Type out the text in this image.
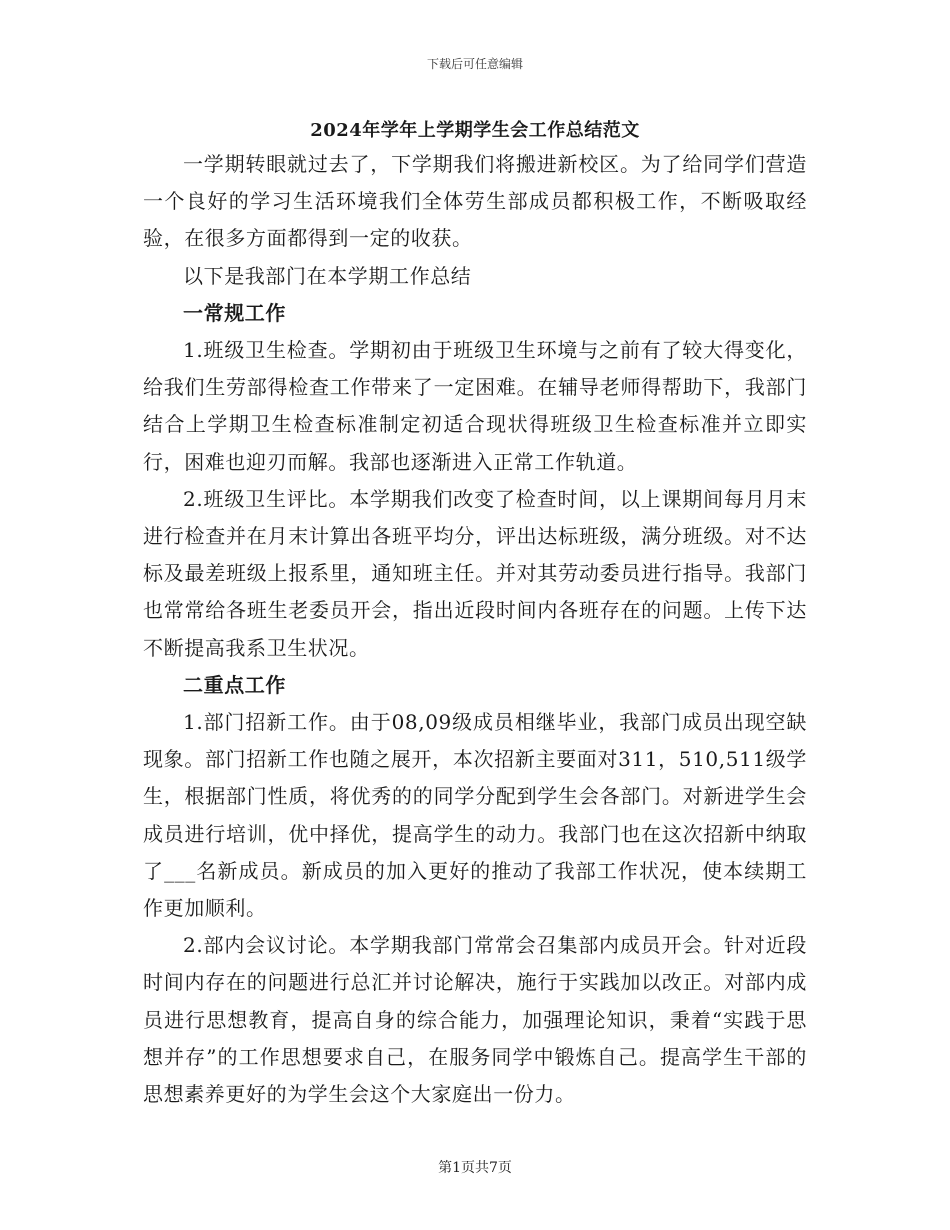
下载后可任意编辑
2024年学年上学期学生会工作总结范文

一学期转眼就过去了，下学期我们将搬进新校区。为了给同学们营造一个良好的学习生活环境我们全体劳生部成员都积极工作，不断吸取经验，在很多方面都得到一定的收获。

以下是我部门在本学期工作总结

一常规工作

1.班级卫生检查。学期初由于班级卫生环境与之前有了较大得变化，给我们生劳部得检查工作带来了一定困难。在辅导老师得帮助下，我部门结合上学期卫生检查标准制定初适合现状得班级卫生检查标准并立即实行，困难也迎刃而解。我部也逐渐进入正常工作轨道。

2.班级卫生评比。本学期我们改变了检查时间，以上课期间每月月末进行检查并在月末计算出各班平均分，评出达标班级，满分班级。对不达标及最差班级上报系里，通知班主任。并对其劳动委员进行指导。我部门也常常给各班生老委员开会，指出近段时间内各班存在的问题。上传下达不断提高我系卫生状况。

二重点工作

1.部门招新工作。由于08,09级成员相继毕业，我部门成员出现空缺现象。部门招新工作也随之展开，本次招新主要面对311，510,511级学生，根据部门性质，将优秀的的同学分配到学生会各部门。对新进学生会成员进行培训，优中择优，提高学生的动力。我部门也在这次招新中纳取了___名新成员。新成员的加入更好的推动了我部工作状况，使本续期工作更加顺利。

2.部内会议讨论。本学期我部门常常会召集部内成员开会。针对近段时间内存在的问题进行总汇并讨论解决，施行于实践加以改正。对部内成员进行思想教育，提高自身的综合能力，加强理论知识，秉着“实践于思想并存”的工作思想要求自己，在服务同学中锻炼自己。提高学生干部的思想素养更好的为学生会这个大家庭出一份力。

第1页共7页
